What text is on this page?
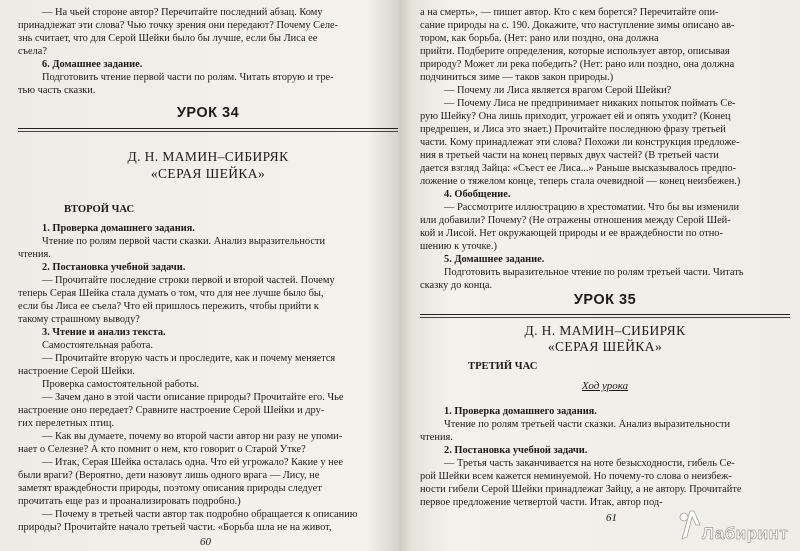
— На чьей стороне автор? Перечитайте последний абзац. Кому
принадлежат эти слова? Чью точку зрения они передают? Почему Селе-
знь считает, что для Серой Шейки было бы лучше, если бы Лиса ее
съела?
6. Домашнее задание.
Подготовить чтение первой части по ролям. Читать вторую и тре-
тью часть сказки.
УРОК 34
Д. Н. МАМИН–СИБИРЯК
«СЕРАЯ ШЕЙКА»
ВТОРОЙ ЧАС
1. Проверка домашнего задания.
Чтение по ролям первой части сказки. Анализ выразительности
чтения.
2. Постановка учебной задачи.
— Прочитайте последние строки первой и второй частей. Почему
теперь Серая Шейка стала думать о том, что для нее лучше было бы,
если бы Лиса ее съела? Что ей пришлось пережить, чтобы прийти к
такому страшному выводу?
3. Чтение и анализ текста.
Самостоятельная работа.
— Прочитайте вторую часть и проследите, как и почему меняется
настроение Серой Шейки.
Проверка самостоятельной работы.
— Зачем дано в этой части описание природы? Прочитайте его. Чье
настроение оно передает? Сравните настроение Серой Шейки и дру-
гих перелетных птиц.
— Как вы думаете, почему во второй части автор ни разу не упоми-
нает о Селезне? А кто помнит о нем, кто говорит о Старой Утке?
— Итак, Серая Шейка осталась одна. Что ей угрожало? Какие у нее
были враги? (Вероятно, дети назовут лишь одного врага — Лису, не
заметят враждебности природы, поэтому описания природы следует
прочитать еще раз и проанализировать подробно.)
— Почему в третьей части автор так подробно обращается к описанию
природы? Прочитайте начало третьей части. «Борьба шла не на живот,
60
а на смерть», — пишет автор. Кто с кем борется? Перечитайте опи-
сание природы на с. 190. Докажите, что наступление зимы описано ав-
тором, как борьба. (Нет: рано или поздно, она должна
прийти. Подберите определения, которые использует автор, описывая
природу? Может ли река победить? (Нет: рано или поздно, она должна
подчиниться зиме — таков закон природы.)
— Почему ли Лиса является врагом Серой Шейки?
— Почему Лиса не предпринимает никаких попыток поймать Се-
рую Шейку? Она лишь приходит, угрожает ей и опять уходит? (Конец
предрешен, и Лиса это знает.) Прочитайте последнюю фразу третьей
части. Кому принадлежат эти слова? Похожи ли конструкция предложе-
ния в третьей части на конец первых двух частей? (В третьей части
дается взгляд Зайца: «Съест ее Лиса...» Раньше высказывалось предпо-
ложение о тяжелом конце, теперь стала очевидной — конец неизбежен.)
4. Обобщение.
— Рассмотрите иллюстрацию в хрестоматии. Что бы вы изменили
или добавили? Почему? (Не отражены отношения между Серой Шей-
кой и Лисой. Нет окружающей природы и ее враждебности по отно-
шению к уточке.)
5. Домашнее задание.
Подготовить выразительное чтение по ролям третьей части. Читать
сказку до конца.
УРОК 35
Д. Н. МАМИН–СИБИРЯК
«СЕРАЯ ШЕЙКА»
ТРЕТИЙ ЧАС
Ход урока
1. Проверка домашнего задания.
Чтение по ролям третьей части сказки. Анализ выразительности
чтения.
2. Постановка учебной задачи.
— Третья часть заканчивается на ноте безысходности, гибель Се-
рой Шейки всем кажется неминуемой. Но почему-то слова о неизбеж-
ности гибели Серой Шейки принадлежат Зайцу, а не автору. Прочитайте
первое предложение четвертой части. Итак, автор под-
61
Лабиринт
